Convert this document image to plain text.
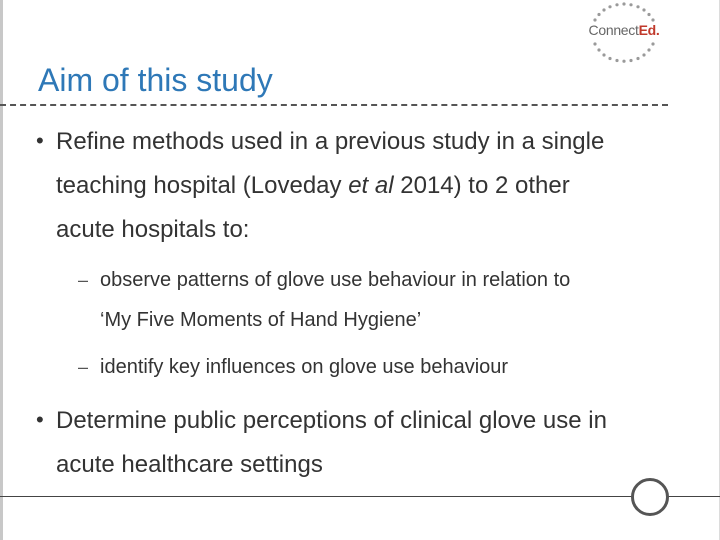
ConnectEd.
Aim of this study
• Refine methods used in a previous study in a single
teaching hospital (Loveday et al 2014) to 2 other
acute hospitals to:
– observe patterns of glove use behaviour in relation to
‘My Five Moments of Hand Hygiene’
– identify key influences on glove use behaviour
• Determine public perceptions of clinical glove use in
acute healthcare settings
